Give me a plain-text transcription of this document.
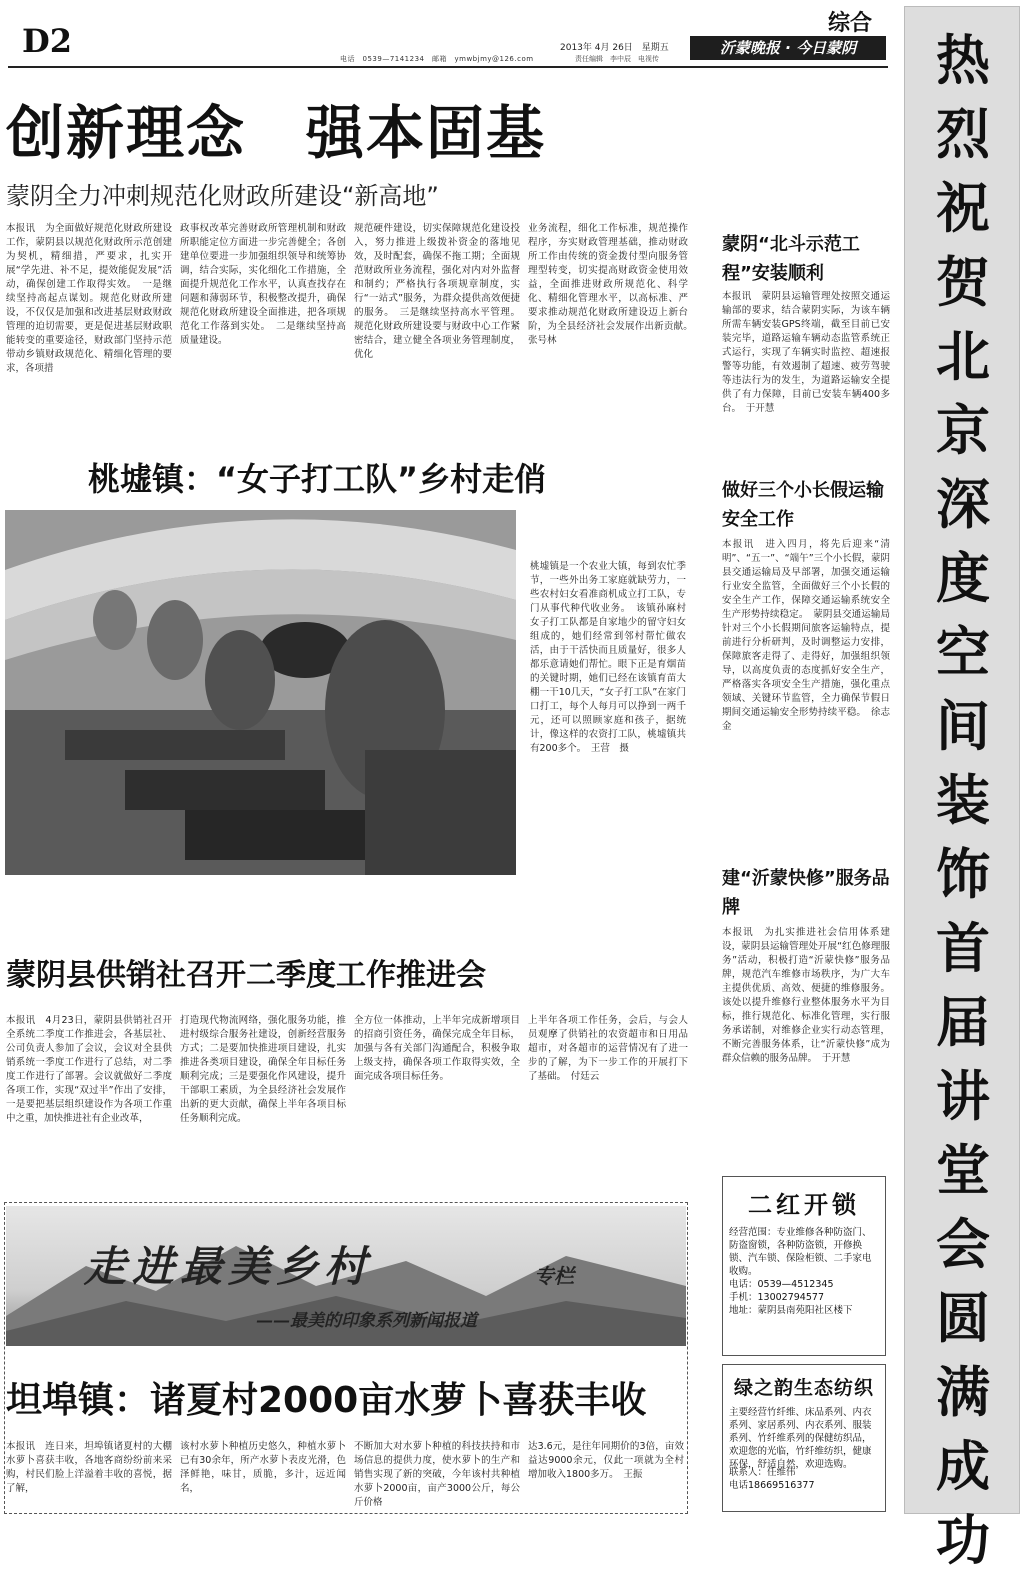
D2	电话　0539—7141234　邮箱　ymwbjmy@126.com
2013年 4月 26日　星期五
责任编辑　李中辰　电视传
综合
沂蒙晚报 · 今日蒙阴	热
烈
祝
贺
北
京
深
度
空
间
装
饰
首
届
讲
堂
会
圆
满
成
功
创新理念　强本固基
蒙阴全力冲刺规范化财政所建设“新高地”
本报讯　为全面做好规范化财政所建设工作，蒙阴县以规范化财政所示范创建为契机，精细措，严要求，扎实开展“学先进、补不足，提效能促发展”活动，确保创建工作取得实效。　一是继续坚持高起点谋划。规范化财政所建设，不仅仅是加强和改进基层财政财政管理的迫切需要，更是促进基层财政职能转变的重要途径，财政部门坚持示范带动乡镇财政规范化、精细化管理的要求，各项措
政事权改革完善财政所管理机制和财政所职能定位方面进一步完善健全；各创建单位要进一步加强组织领导和统筹协调，结合实际，实化细化工作措施，全面提升规范化工作水平，认真查找存在问题和薄弱环节，积极整改提升，确保规范化财政所建设全面推进，把各项规范化工作落到实处。　二是继续坚持高质量建设。
规范硬件建设，切实保障规范化建设投入，努力推进上级拨补资金的落地见效，及时配套，确保不拖工期；全面规范财政所业务流程，强化对内对外监督和制约；严格执行各项规章制度，实行“一站式”服务，为群众提供高效便捷的服务。　三是继续坚持高水平管理。规范化财政所建设要与财政中心工作紧密结合，建立健全各项业务管理制度，优化
业务流程，细化工作标准，规范操作程序，夯实财政管理基础，推动财政所工作由传统的资金拨付型向服务管理型转变，切实提高财政资金使用效益，全面推进财政所规范化、科学化、精细化管理水平，以高标准、严要求推动规范化财政所建设迈上新台阶，为全县经济社会发展作出新贡献。　张号林
蒙阴“北斗示范工程”安装顺利
本报讯　蒙阴县运输管理处按照交通运输部的要求，结合蒙阴实际，为该车辆所需车辆安装GPS终端，截至目前已安装完毕，道路运输车辆动态监管系统正式运行，实现了车辆实时监控、超速报警等功能，有效遏制了超速、疲劳驾驶等违法行为的发生，为道路运输安全提供了有力保障，目前已安装车辆400多台。　于开慧
做好三个小长假运输安全工作
本报讯　进入四月，将先后迎来“清明”、“五一”、“端午”三个小长假，蒙阴县交通运输局及早部署，加强交通运输行业安全监管，全面做好三个小长假的安全生产工作，保障交通运输系统安全生产形势持续稳定。　蒙阴县交通运输局针对三个小长假期间旅客运输特点，提前进行分析研判，及时调整运力安排，保障旅客走得了、走得好，加强组织领导，以高度负责的态度抓好安全生产，严格落实各项安全生产措施，强化重点领域、关键环节监管，全力确保节假日期间交通运输安全形势持续平稳。　徐志金
建“沂蒙快修”服务品牌
本报讯　为扎实推进社会信用体系建设，蒙阴县运输管理处开展“红色修理服务”活动，积极打造“沂蒙快修”服务品牌，规范汽车维修市场秩序，为广大车主提供优质、高效、便捷的维修服务。该处以提升维修行业整体服务水平为目标，推行规范化、标准化管理，实行服务承诺制，对维修企业实行动态管理，不断完善服务体系，让“沂蒙快修”成为群众信赖的服务品牌。　于开慧
桃墟镇：“女子打工队”乡村走俏
桃墟镇是一个农业大镇，每到农忙季节，一些外出务工家庭就缺劳力，一些农村妇女看准商机成立打工队，专门从事代种代收业务。　该镇孙麻村女子打工队都是自家地少的留守妇女组成的，她们经常到邻村帮忙做农活，由于干活快而且质量好，很多人都乐意请她们帮忙。眼下正是育烟苗的关键时期，她们已经在该镇育苗大棚一干10几天，“女子打工队”在家门口打工，每个人每月可以挣到一两千元，还可以照顾家庭和孩子，据统计，像这样的农资打工队，桃墟镇共有200多个。　王营　摄
蒙阴县供销社召开二季度工作推进会
本报讯　4月23日，蒙阴县供销社召开全系统二季度工作推进会，各基层社、公司负责人参加了会议，会议对全县供销系统一季度工作进行了总结，对二季度工作进行了部署。会议就做好二季度各项工作，实现“双过半”作出了安排，一是要把基层组织建设作为各项工作重中之重，加快推进社有企业改革，
打造现代物流网络，强化服务功能，推进村级综合服务社建设，创新经营服务方式；二是要加快推进项目建设，扎实推进各类项目建设，确保全年目标任务顺利完成；三是要强化作风建设，提升干部职工素质，为全县经济社会发展作出新的更大贡献，确保上半年各项目标任务顺利完成。
全方位一体推动，上半年完成新增项目的招商引资任务，确保完成全年目标，加强与各有关部门沟通配合，积极争取上级支持，确保各项工作取得实效，全面完成各项目标任务。
上半年各项工作任务，会后，与会人员观摩了供销社的农资超市和日用品超市，对各超市的运营情况有了进一步的了解，为下一步工作的开展打下了基础。　付廷云
走进最美乡村	专栏
——最美的印象系列新闻报道
坦埠镇：诸夏村2000亩水萝卜喜获丰收
本报讯　连日来，坦埠镇诸夏村的大棚水萝卜喜获丰收，各地客商纷纷前来采购，村民们脸上洋溢着丰收的喜悦，据了解，
该村水萝卜种植历史悠久，种植水萝卜已有30余年，所产水萝卜表皮光滑，色泽鲜艳，味甘，质脆，多汁，远近闻名，
不断加大对水萝卜种植的科技扶持和市场信息的提供力度，使水萝卜的生产和销售实现了新的突破，今年该村共种植水萝卜2000亩，亩产3000公斤，每公斤价格
达3.6元，是往年同期价的3倍，亩效益达9000余元，仅此一项就为全村增加收入1800多万。　王振
二红开锁
经营范围：专业维修各种防盗门、防盗窗锁，各种防盗锁，开修换锁、汽车锁、保险柜锁、二手家电收购。
电话：0539—4512345
手机：13002794577
地址：蒙阴县南苑阳社区楼下
绿之韵生态纺织
主要经营竹纤维、床品系列、内衣系列、家居系列、内衣系列、服装系列、竹纤维系列的保健纺织品，欢迎您的光临，竹纤维纺织，健康环保，舒适自然，欢迎选购。
联系人：任维伟
电话18669516377
